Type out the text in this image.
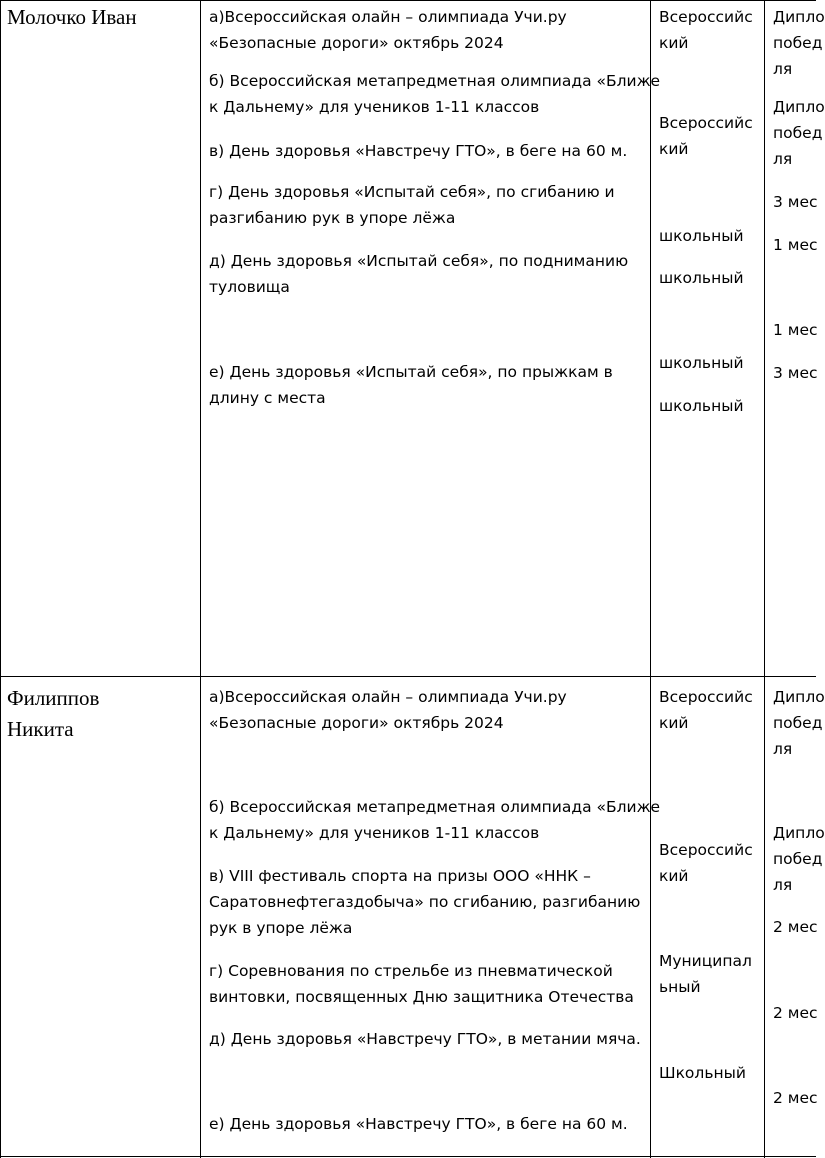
Молочко Иван	а)Всероссийская олайн – олимпиада Учи.ру
«Безопасные дороги» октябрь 2024
б) Всероссийская метапредметная олимпиада «Ближе
к Дальнему» для учеников 1-11 классов
в) День здоровья «Навстречу ГТО», в беге на 60 м.
г) День здоровья «Испытай себя», по сгибанию и
разгибанию рук в упоре лёжа
д) День здоровья «Испытай себя», по подниманию
туловища
е) День здоровья «Испытай себя», по прыжкам в
длину с места
Всероссийс
кий
Всероссийс
кий
школьный
школьный
школьный
школьный
Дипло
побед
ля
Дипло
побед
ля
3 мес
1 мес
1 мес
3 мес
Филиппов
Никита
а)Всероссийская олайн – олимпиада Учи.ру
«Безопасные дороги» октябрь 2024
б) Всероссийская метапредметная олимпиада «Ближе
к Дальнему» для учеников 1-11 классов
в) VIII фестиваль спорта на призы ООО «ННК –
Саратовнефтегаздобыча» по сгибанию, разгибанию
рук в упоре лёжа
г) Соревнования по стрельбе из пневматической
винтовки, посвященных Дню защитника Отечества
д) День здоровья «Навстречу ГТО», в метании мяча.
е) День здоровья «Навстречу ГТО», в беге на 60 м.
Всероссийс
кий
Всероссийс
кий
Муниципал
ьный
Школьный
Дипло
побед
ля
Дипло
побед
ля
2 мес
2 мес
2 мес
